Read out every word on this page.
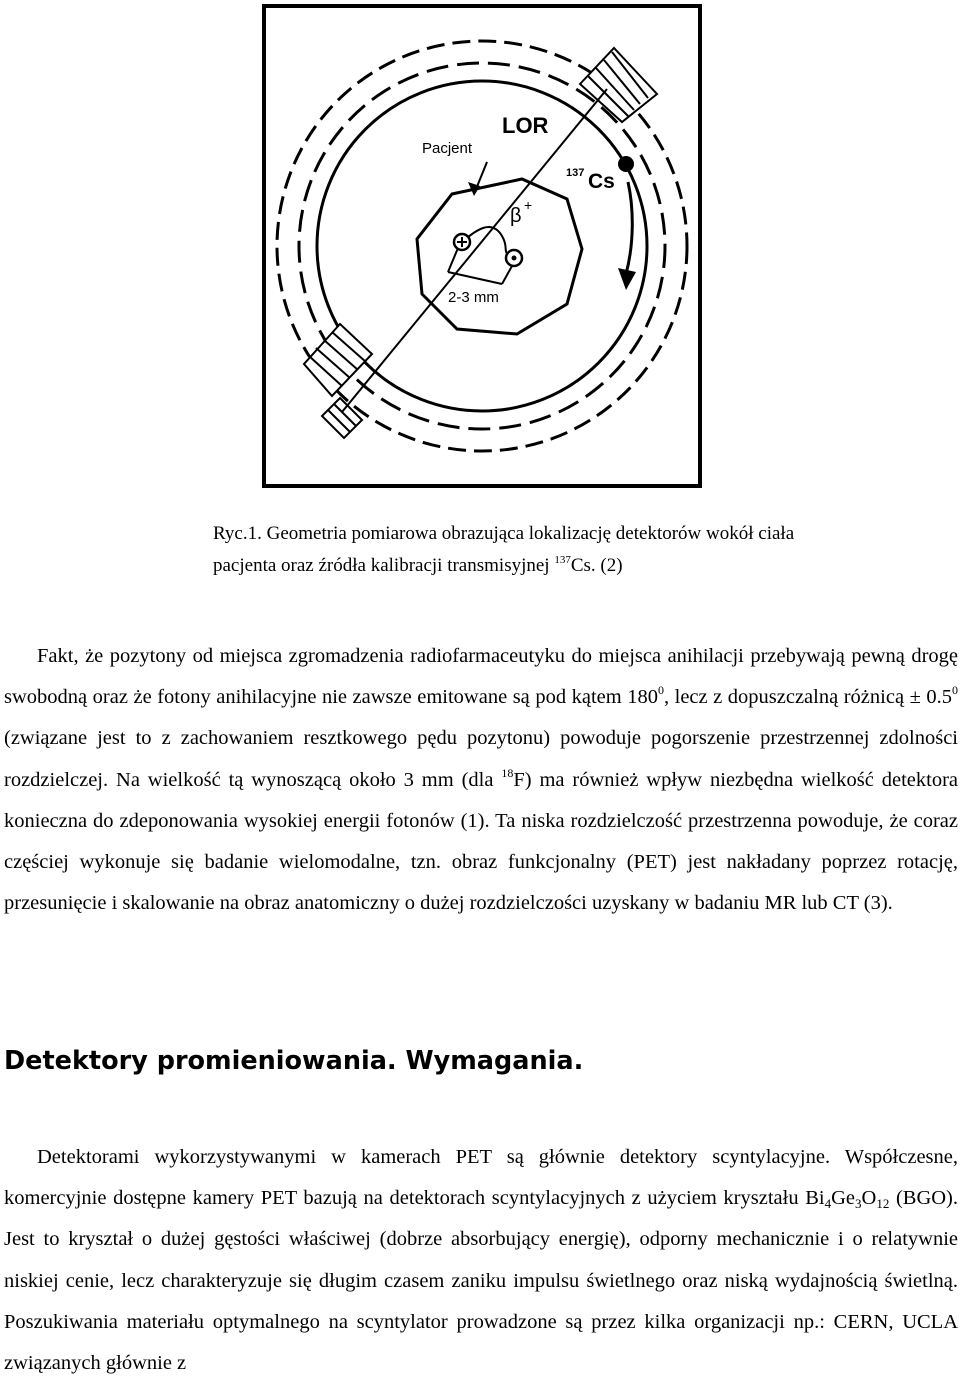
LOR
Pacjent
137 Cs
β +
2-3 mm
Ryc.1. Geometria pomiarowa obrazująca lokalizację detektorów wokół ciała
pacjenta oraz źródła kalibracji transmisyjnej $^{137}$Cs. (2)
Fakt, że pozytony od miejsca zgromadzenia radiofarmaceutyku do miejsca anihilacji przebywają pewną drogę swobodną oraz że fotony anihilacyjne nie zawsze emitowane są pod kątem $180^0$, lecz z dopuszczalną różnicą ± $0.5^0$ (związane jest to z zachowaniem resztkowego pędu pozytonu) powoduje pogorszenie przestrzennej zdolności rozdzielczej. Na wielkość tą wynoszącą około 3 mm (dla $^{18}$F) ma również wpływ niezbędna wielkość detektora konieczna do zdeponowania wysokiej energii fotonów (1). Ta niska rozdzielczość przestrzenna powoduje, że coraz częściej wykonuje się badanie wielomodalne, tzn. obraz funkcjonalny (PET) jest nakładany poprzez rotację, przesunięcie i skalowanie na obraz anatomiczny o dużej rozdzielczości uzyskany w badaniu MR lub CT (3).
Detektory promieniowania. Wymagania.
Detektorami wykorzystywanymi w kamerach PET są głównie detektory scyntylacyjne. Współczesne, komercyjnie dostępne kamery PET bazują na detektorach scyntylacyjnych z użyciem kryształu $Bi_4Ge_3O_{12}$ (BGO). Jest to kryształ o dużej gęstości właściwej (dobrze absorbujący energię), odporny mechanicznie i o relatywnie niskiej cenie, lecz charakteryzuje się długim czasem zaniku impulsu świetlnego oraz niską wydajnością świetlną. Poszukiwania materiału optymalnego na scyntylator prowadzone są przez kilka organizacji np.: CERN, UCLA związanych głównie z
